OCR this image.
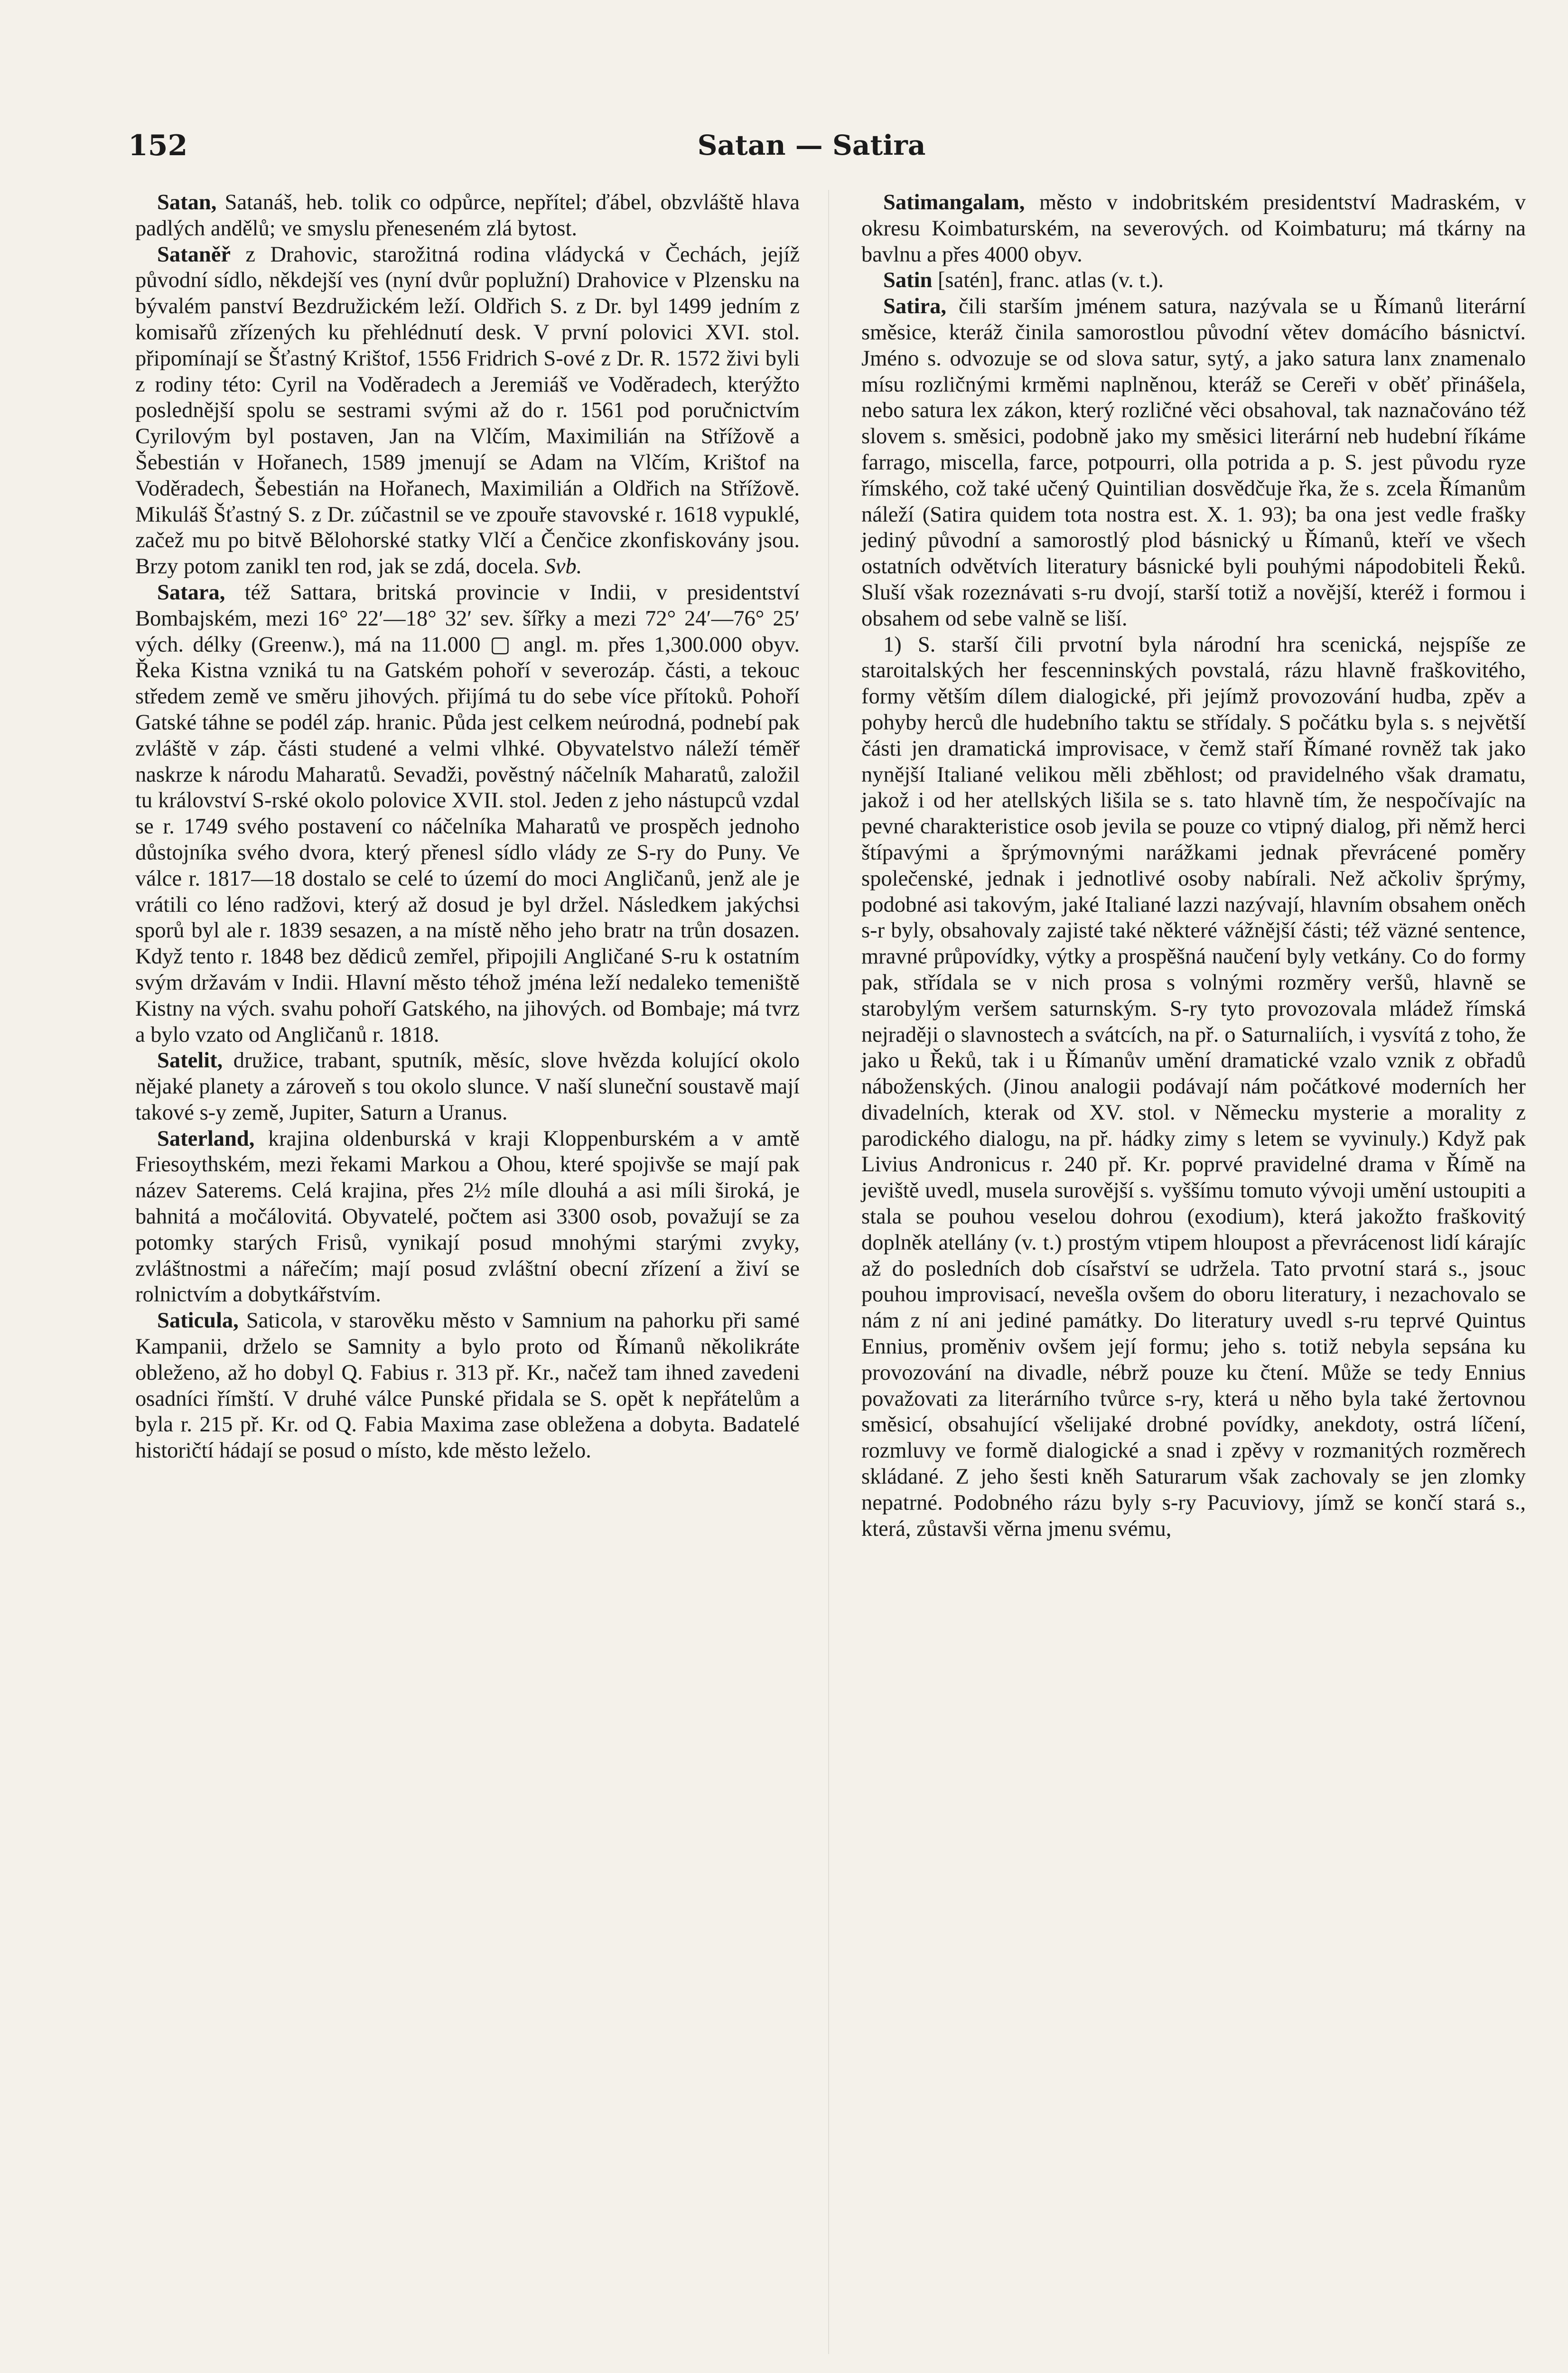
152	Satan — Satira

Satan, Satanáš, heb. tolik co odpůrce, nepřítel; ďábel, obzvláště hlava padlých andělů; ve smyslu přeneseném zlá bytost.

Sataněř z Drahovic, starožitná rodina vládycká v Čechách, jejíž původní sídlo, někdejší ves (nyní dvůr poplužní) Drahovice v Plzensku na bývalém panství Bezdružickém leží. Oldřich S. z Dr. byl 1499 jedním z komisařů zřízených ku přehlédnutí desk. V první polovici XVI. stol. připomínají se Šťastný Krištof, 1556 Fridrich S-ové z Dr. R. 1572 živi byli z rodiny této: Cyril na Voděradech a Jeremiáš ve Voděradech, kterýžto poslednější spolu se sestrami svými až do r. 1561 pod poručnictvím Cyrilovým byl postaven, Jan na Vlčím, Maximilián na Střížově a Šebestián v Hořanech, 1589 jmenují se Adam na Vlčím, Krištof na Voděradech, Šebestián na Hořanech, Maximilián a Oldřich na Střížově. Mikuláš Šťastný S. z Dr. zúčastnil se ve zpouře stavovské r. 1618 vypuklé, začež mu po bitvě Bělohorské statky Vlčí a Čenčice zkonfiskovány jsou. Brzy potom zanikl ten rod, jak se zdá, docela. Svb.

Satara, též Sattara, britská provincie v Indii, v presidentství Bombajském, mezi 16° 22′—18° 32′ sev. šířky a mezi 72° 24′—76° 25′ vých. délky (Greenw.), má na 11.000 ▢ angl. m. přes 1,300.000 obyv. Řeka Kistna vzniká tu na Gatském pohoří v severozáp. části, a tekouc středem země ve směru jihových. přijímá tu do sebe více přítoků. Pohoří Gatské táhne se podél záp. hranic. Půda jest celkem neúrodná, podnebí pak zvláště v záp. části studené a velmi vlhké. Obyvatelstvo náleží téměř naskrze k národu Maharatů. Sevadži, pověstný náčelník Maharatů, založil tu království S-rské okolo polovice XVII. stol. Jeden z jeho nástupců vzdal se r. 1749 svého postavení co náčelníka Maharatů ve prospěch jednoho důstojníka svého dvora, který přenesl sídlo vlády ze S-ry do Puny. Ve válce r. 1817—18 dostalo se celé to území do moci Angličanů, jenž ale je vrátili co léno radžovi, který až dosud je byl držel. Následkem jakýchsi sporů byl ale r. 1839 sesazen, a na místě něho jeho bratr na trůn dosazen. Když tento r. 1848 bez dědiců zemřel, připojili Angličané S-ru k ostatním svým državám v Indii. Hlavní město téhož jména leží nedaleko temeniště Kistny na vých. svahu pohoří Gatského, na jihových. od Bombaje; má tvrz a bylo vzato od Angličanů r. 1818.

Satelit, družice, trabant, sputník, měsíc, slove hvězda kolující okolo nějaké planety a zároveň s tou okolo slunce. V naší sluneční soustavě mají takové s-y země, Jupiter, Saturn a Uranus.

Saterland, krajina oldenburská v kraji Kloppenburském a v amtě Friesoythském, mezi řekami Markou a Ohou, které spojivše se mají pak název Saterems. Celá krajina, přes 2½ míle dlouhá a asi míli široká, je bahnitá a močálovitá. Obyvatelé, počtem asi 3300 osob, považují se za potomky starých Frisů, vynikají posud mnohými starými zvyky, zvláštnostmi a nářečím; mají posud zvláštní obecní zřízení a živí se rolnictvím a dobytkářstvím.

Saticula, Saticola, v starověku město v Samnium na pahorku při samé Kampanii, drželo se Samnity a bylo proto od Římanů několikráte obleženo, až ho dobyl Q. Fabius r. 313 př. Kr., načež tam ihned zavedeni osadníci římští. V druhé válce Punské přidala se S. opět k nepřátelům a byla r. 215 př. Kr. od Q. Fabia Maxima zase obležena a dobyta. Badatelé historičtí hádají se posud o místo, kde město leželo.

Satimangalam, město v indobritském presidentství Madraském, v okresu Koimbaturském, na severových. od Koimbaturu; má tkárny na bavlnu a přes 4000 obyv.

Satin [satén], franc. atlas (v. t.).

Satira, čili starším jménem satura, nazývala se u Římanů literární směsice, kteráž činila samorostlou původní větev domácího básnictví. Jméno s. odvozuje se od slova satur, sytý, a jako satura lanx znamenalo mísu rozličnými krměmi naplněnou, kteráž se Cereři v oběť přinášela, nebo satura lex zákon, který rozličné věci obsahoval, tak naznačováno též slovem s. směsici, podobně jako my směsici literární neb hudební říkáme farrago, miscella, farce, potpourri, olla potrida a p. S. jest původu ryze římského, což také učený Quintilian dosvědčuje řka, že s. zcela Římanům náleží (Satira quidem tota nostra est. X. 1. 93); ba ona jest vedle frašky jediný původní a samorostlý plod básnický u Římanů, kteří ve všech ostatních odvětvích literatury básnické byli pouhými nápodobiteli Řeků. Sluší však rozeznávati s-ru dvojí, starší totiž a novější, kteréž i formou i obsahem od sebe valně se liší.

1) S. starší čili prvotní byla národní hra scenická, nejspíše ze staroitalských her fescenninských povstalá, rázu hlavně fraškovitého, formy větším dílem dialogické, při jejímž provozování hudba, zpěv a pohyby herců dle hudebního taktu se střídaly. S počátku byla s. s největší části jen dramatická improvisace, v čemž staří Římané rovněž tak jako nynější Italiané velikou měli zběhlost; od pravidelného však dramatu, jakož i od her atellských lišila se s. tato hlavně tím, že nespočívajíc na pevné charakteristice osob jevila se pouze co vtipný dialog, při němž herci štípavými a šprýmovnými narážkami jednak převrácené poměry společenské, jednak i jednotlivé osoby nabírali. Než ačkoliv šprýmy, podobné asi takovým, jaké Italiané lazzi nazývají, hlavním obsahem oněch s-r byly, obsahovaly zajisté také některé vážnější části; též väzné sentence, mravné průpovídky, výtky a prospěšná naučení byly vetkány. Co do formy pak, střídala se v nich prosa s volnými rozměry veršů, hlavně se starobylým veršem saturnským. S-ry tyto provozovala mládež římská nejraději o slavnostech a svátcích, na př. o Saturnaliích, i vysvítá z toho, že jako u Řeků, tak i u Římanův umění dramatické vzalo vznik z obřadů náboženských. (Jinou analogii podávají nám počátkové moderních her divadelních, kterak od XV. stol. v Německu mysterie a morality z parodického dialogu, na př. hádky zimy s letem se vyvinuly.) Když pak Livius Andronicus r. 240 př. Kr. poprvé pravidelné drama v Římě na jeviště uvedl, musela surovější s. vyššímu tomuto vývoji umění ustoupiti a stala se pouhou veselou dohrou (exodium), která jakožto fraškovitý doplněk atellány (v. t.) prostým vtipem hloupost a převrácenost lidí kárajíc až do posledních dob císařství se udržela. Tato prvotní stará s., jsouc pouhou improvisací, nevešla ovšem do oboru literatury, i nezachovalo se nám z ní ani jediné památky. Do literatury uvedl s-ru teprvé Quintus Ennius, proměniv ovšem její formu; jeho s. totiž nebyla sepsána ku provozování na divadle, nébrž pouze ku čtení. Může se tedy Ennius považovati za literárního tvůrce s-ry, která u něho byla také žertovnou směsicí, obsahující všelijaké drobné povídky, anekdoty, ostrá líčení, rozmluvy ve formě dialogické a snad i zpěvy v rozmanitých rozměrech skládané. Z jeho šesti kněh Saturarum však zachovaly se jen zlomky nepatrné. Podobného rázu byly s-ry Pacuviovy, jímž se končí stará s., která, zůstavši věrna jmenu svému,
